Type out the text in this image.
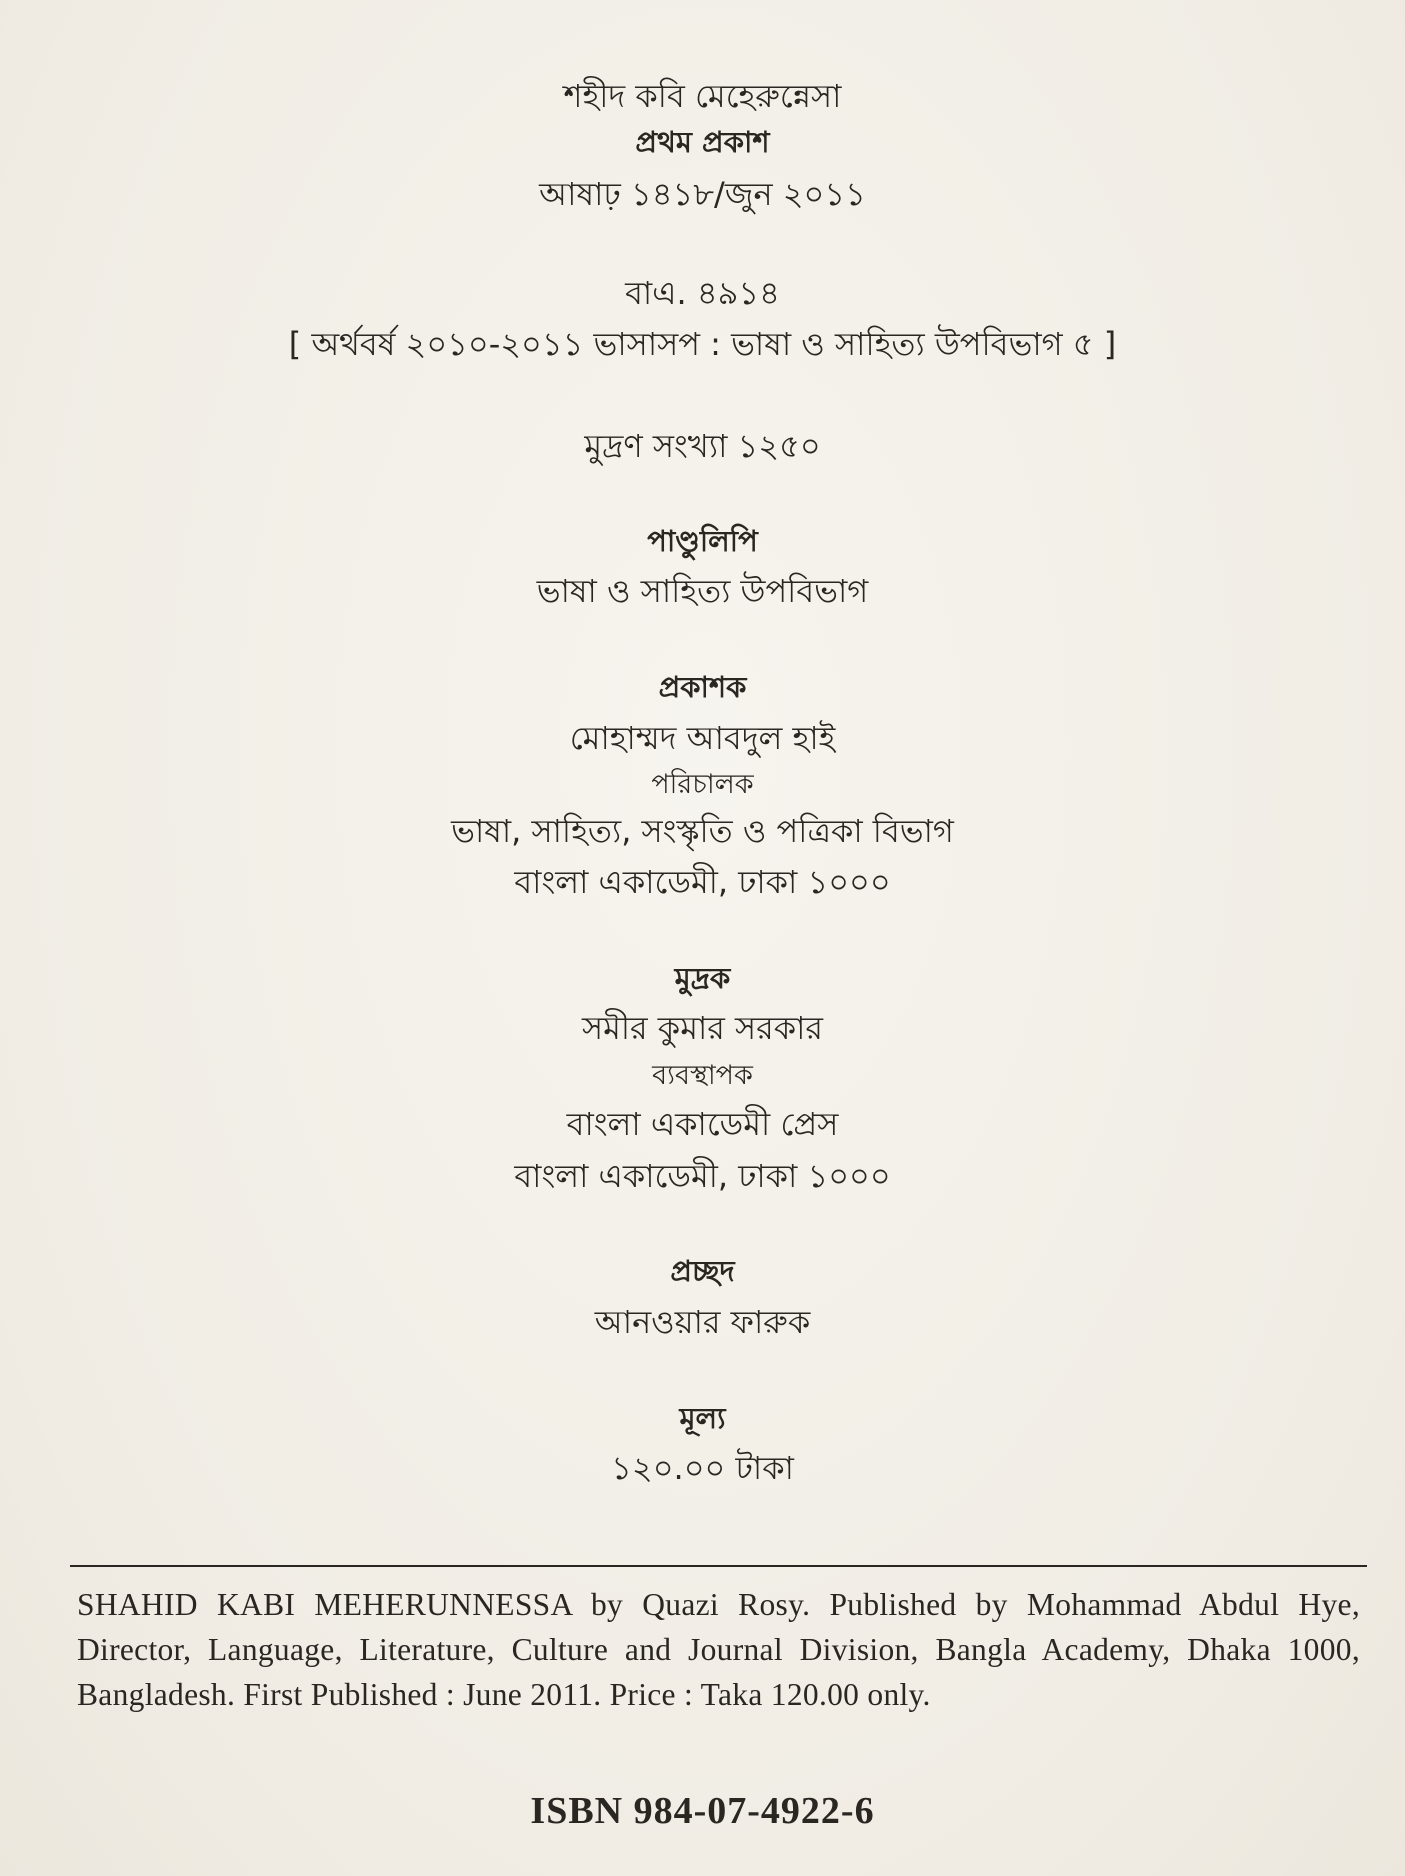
শহীদ কবি মেহেরুন্নেসা
প্রথম প্রকাশ
আষাঢ় ১৪১৮/জুন ২০১১
বাএ. ৪৯১৪
[ অর্থবর্ষ ২০১০-২০১১ ভাসাসপ : ভাষা ও সাহিত্য উপবিভাগ ৫ ]
মুদ্রণ সংখ্যা ১২৫০
পাণ্ডুলিপি
ভাষা ও সাহিত্য উপবিভাগ
প্রকাশক
মোহাম্মদ আবদুল হাই
পরিচালক
ভাষা, সাহিত্য, সংস্কৃতি ও পত্রিকা বিভাগ
বাংলা একাডেমী, ঢাকা ১০০০
মুদ্রক
সমীর কুমার সরকার
ব্যবস্থাপক
বাংলা একাডেমী প্রেস
বাংলা একাডেমী, ঢাকা ১০০০
প্রচ্ছদ
আনওয়ার ফারুক
মূল্য
১২০.০০ টাকা
SHAHID KABI MEHERUNNESSA by Quazi Rosy. Published by Mohammad Abdul Hye, Director, Language, Literature, Culture and Journal Division, Bangla Academy, Dhaka 1000, Bangladesh. First Published : June 2011. Price : Taka 120.00 only.
ISBN 984-07-4922-6
